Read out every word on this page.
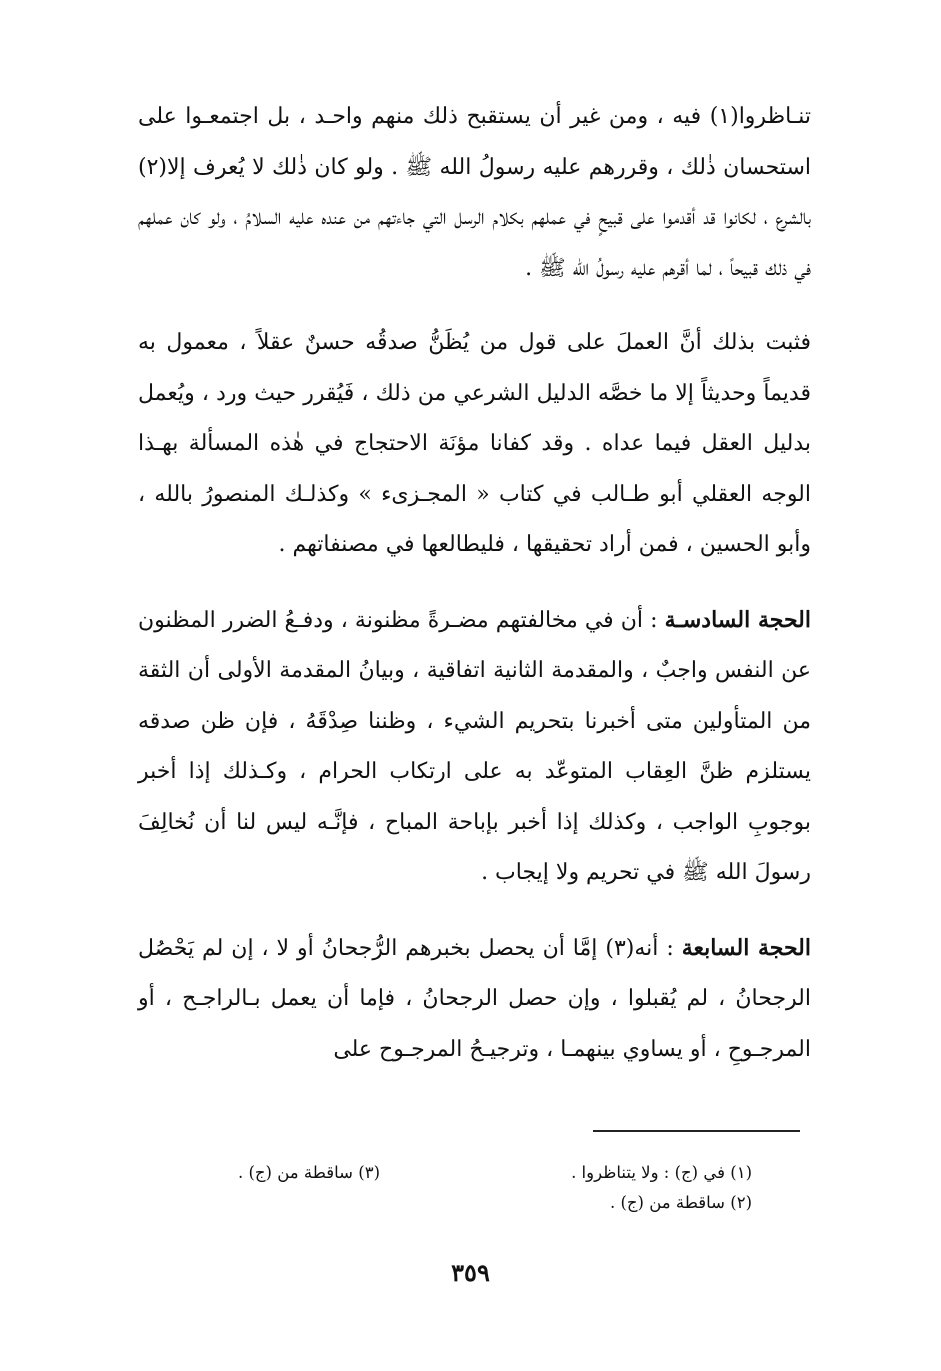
تنـاظروا(١) فيه ، ومن غير أن يستقبح ذلك منهم واحـد ، بل اجتمعـوا على استحسان ذٰلك ، وقررهم عليه رسولُ الله ﷺ . ولو كان ذٰلك لا يُعرف إلا(٢) بالشرع ، لكانوا قد أقدموا على قبيحٍ في عملهم بكلام الرسل التي جاءتهم من عنده عليه السلامُ ، ولو كان عملهم في ذلك قبيحاً ، لما أقرهم عليه رسولُ الله ﷺ .

فثبت بذلك أنَّ العملَ على قول من يُظَنُّ صدقُه حسنٌ عقلاً ، معمول به قديماً وحديثاً إلا ما خصَّه الدليل الشرعي من ذلك ، فَيُقرر حيث ورد ، ويُعمل بدليل العقل فيما عداه . وقد كفانا مؤنَة الاحتجاج في هٰذه المسألة بهـذا الوجه العقلي أبو طـالب في كتاب « المجـزىء » وكذلـك المنصورُ بالله ، وأبو الحسين ، فمن أراد تحقيقها ، فليطالعها في مصنفاتهم .

الحجة السادسـة : أن في مخالفتهم مضـرةً مظنونة ، ودفـعُ الضرر المظنون عن النفس واجبٌ ، والمقدمة الثانية اتفاقية ، وبيانُ المقدمة الأولى أن الثقة من المتأولين متى أخبرنا بتحريم الشيء ، وظننا صِدْقَهُ ، فإن ظن صدقه يستلزم ظنَّ العِقاب المتوعّد به على ارتكاب الحرام ، وكـذلك إذا أخبر بوجوبِ الواجب ، وكذلك إذا أخبر بإباحة المباح ، فإنَّـه ليس لنا أن نُخالِفَ رسولَ الله ﷺ في تحريم ولا إيجاب .

الحجة السابعة : أنه(٣) إمَّا أن يحصل بخبرهم الرُّجحانُ أو لا ، إن لم يَحْصُل الرجحانُ ، لم يُقبلوا ، وإن حصل الرجحانُ ، فإما أن يعمل بـالراجـح ، أو المرجـوحِ ، أو يساوي بينهمـا ، وترجيـحُ المرجـوح على

(١) في (ج) : ولا يتناظروا .
(٢) ساقطة من (ج) .
(٣) ساقطة من (ج) .
٣٥٩
